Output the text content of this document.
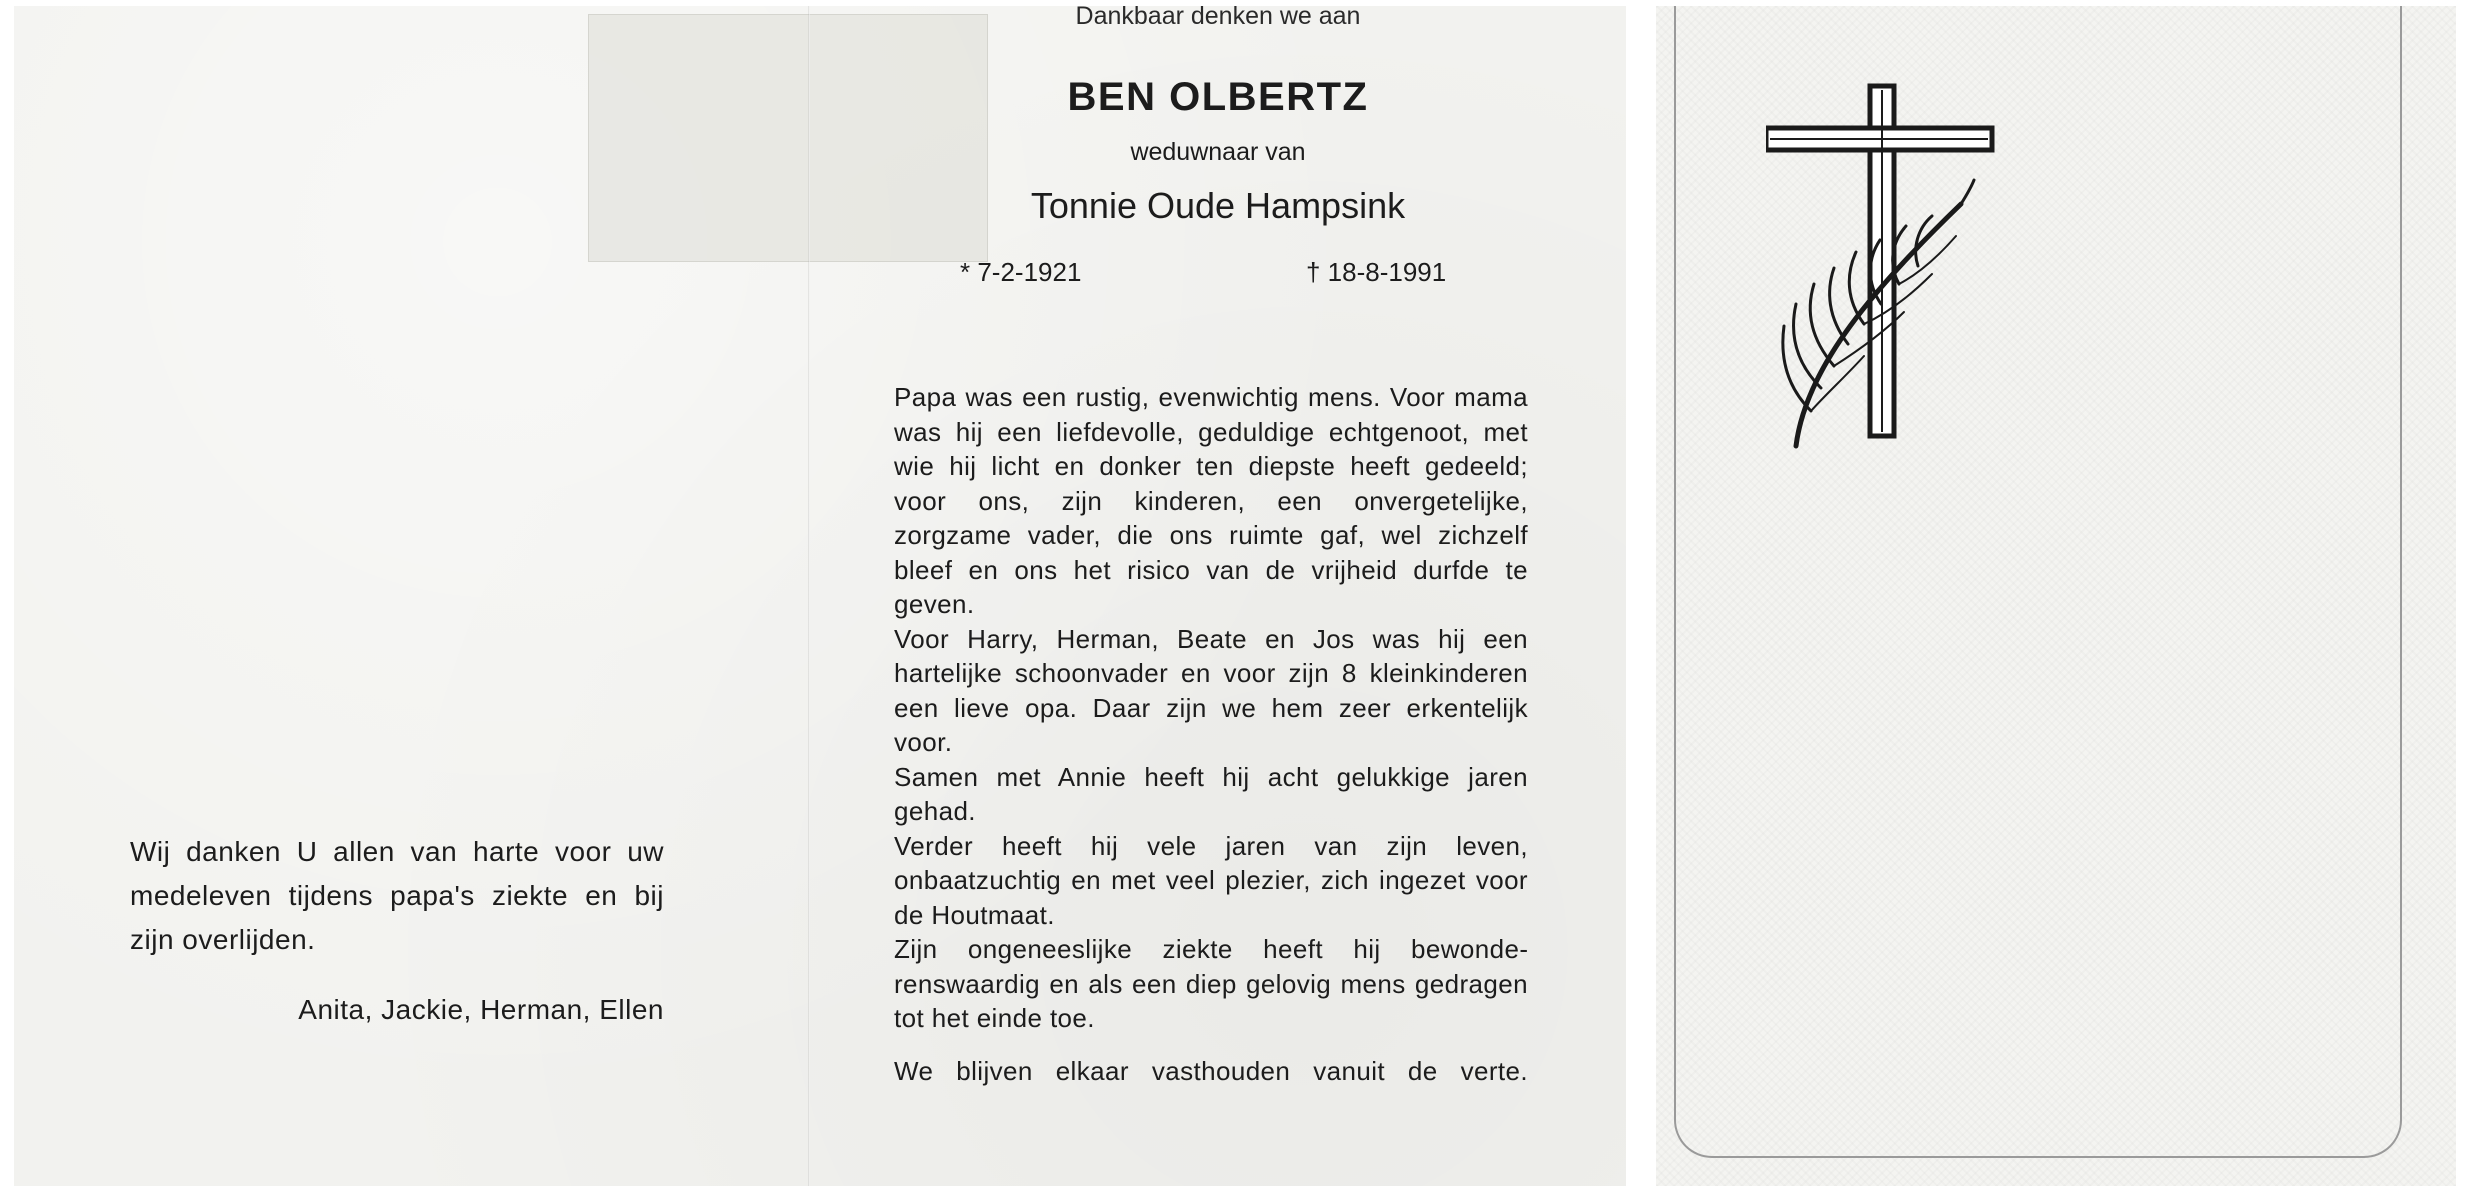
Wij danken U allen van harte voor uw medeleven tijdens papa's ziekte en bij zijn overlijden.

Anita, Jackie, Herman, Ellen
Dankbaar denken we aan
BEN OLBERTZ
weduwnaar van
Tonnie Oude Hampsink
* 7-2-1921	† 18-8-1991

Papa was een rustig, evenwichtig mens. Voor mama was hij een liefdevolle, geduldige echtgenoot, met wie hij licht en donker ten diepste heeft gedeeld; voor ons, zijn kinderen, een onvergetelijke, zorgzame vader, die ons ruimte gaf, wel zichzelf bleef en ons het risico van de vrijheid durfde te geven.

Voor Harry, Herman, Beate en Jos was hij een hartelijke schoonvader en voor zijn 8 kleinkinderen een lieve opa. Daar zijn we hem zeer erkentelijk voor.

Samen met Annie heeft hij acht gelukkige jaren gehad.

Verder heeft hij vele jaren van zijn leven, onbaatzuchtig en met veel plezier, zich ingezet voor de Houtmaat.

Zijn ongeneeslijke ziekte heeft hij bewonderenswaardig en als een diep gelovig mens gedragen tot het einde toe.

We blijven elkaar vasthouden vanuit de verte.
